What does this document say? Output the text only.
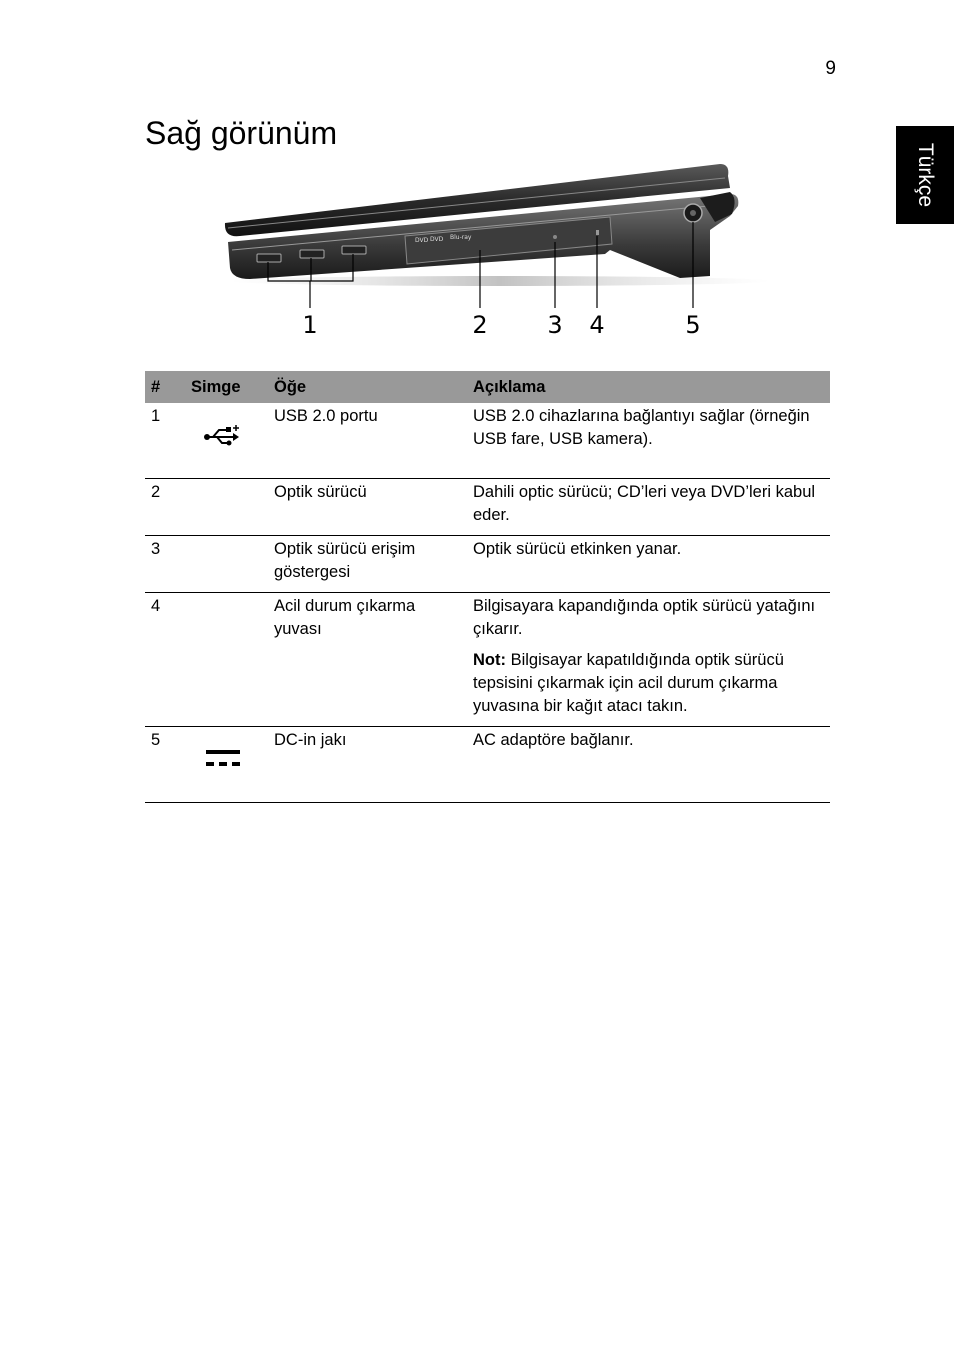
9
Türkçe
Sağ görünüm
DVD DVD Blu-ray
1	2 3 4	5
#	Simge	Öğe	Açıklama
1		USB 2.0 portu	USB 2.0 cihazlarına bağlantıyı sağlar (örneğin USB fare, USB kamera).
2		Optik sürücü	Dahili optic sürücü; CD’leri veya DVD’leri kabul eder.
3		Optik sürücü erişim göstergesi	Optik sürücü etkinken yanar.
4		Acil durum çıkarma yuvası	Bilgisayara kapandığında optik sürücü yatağını çıkarır.
Not: Bilgisayar kapatıldığında optik sürücü tepsisini çıkarmak için acil durum çıkarma yuvasına bir kağıt atacı takın.

5		DC-in jakı	AC adaptöre bağlanır.
